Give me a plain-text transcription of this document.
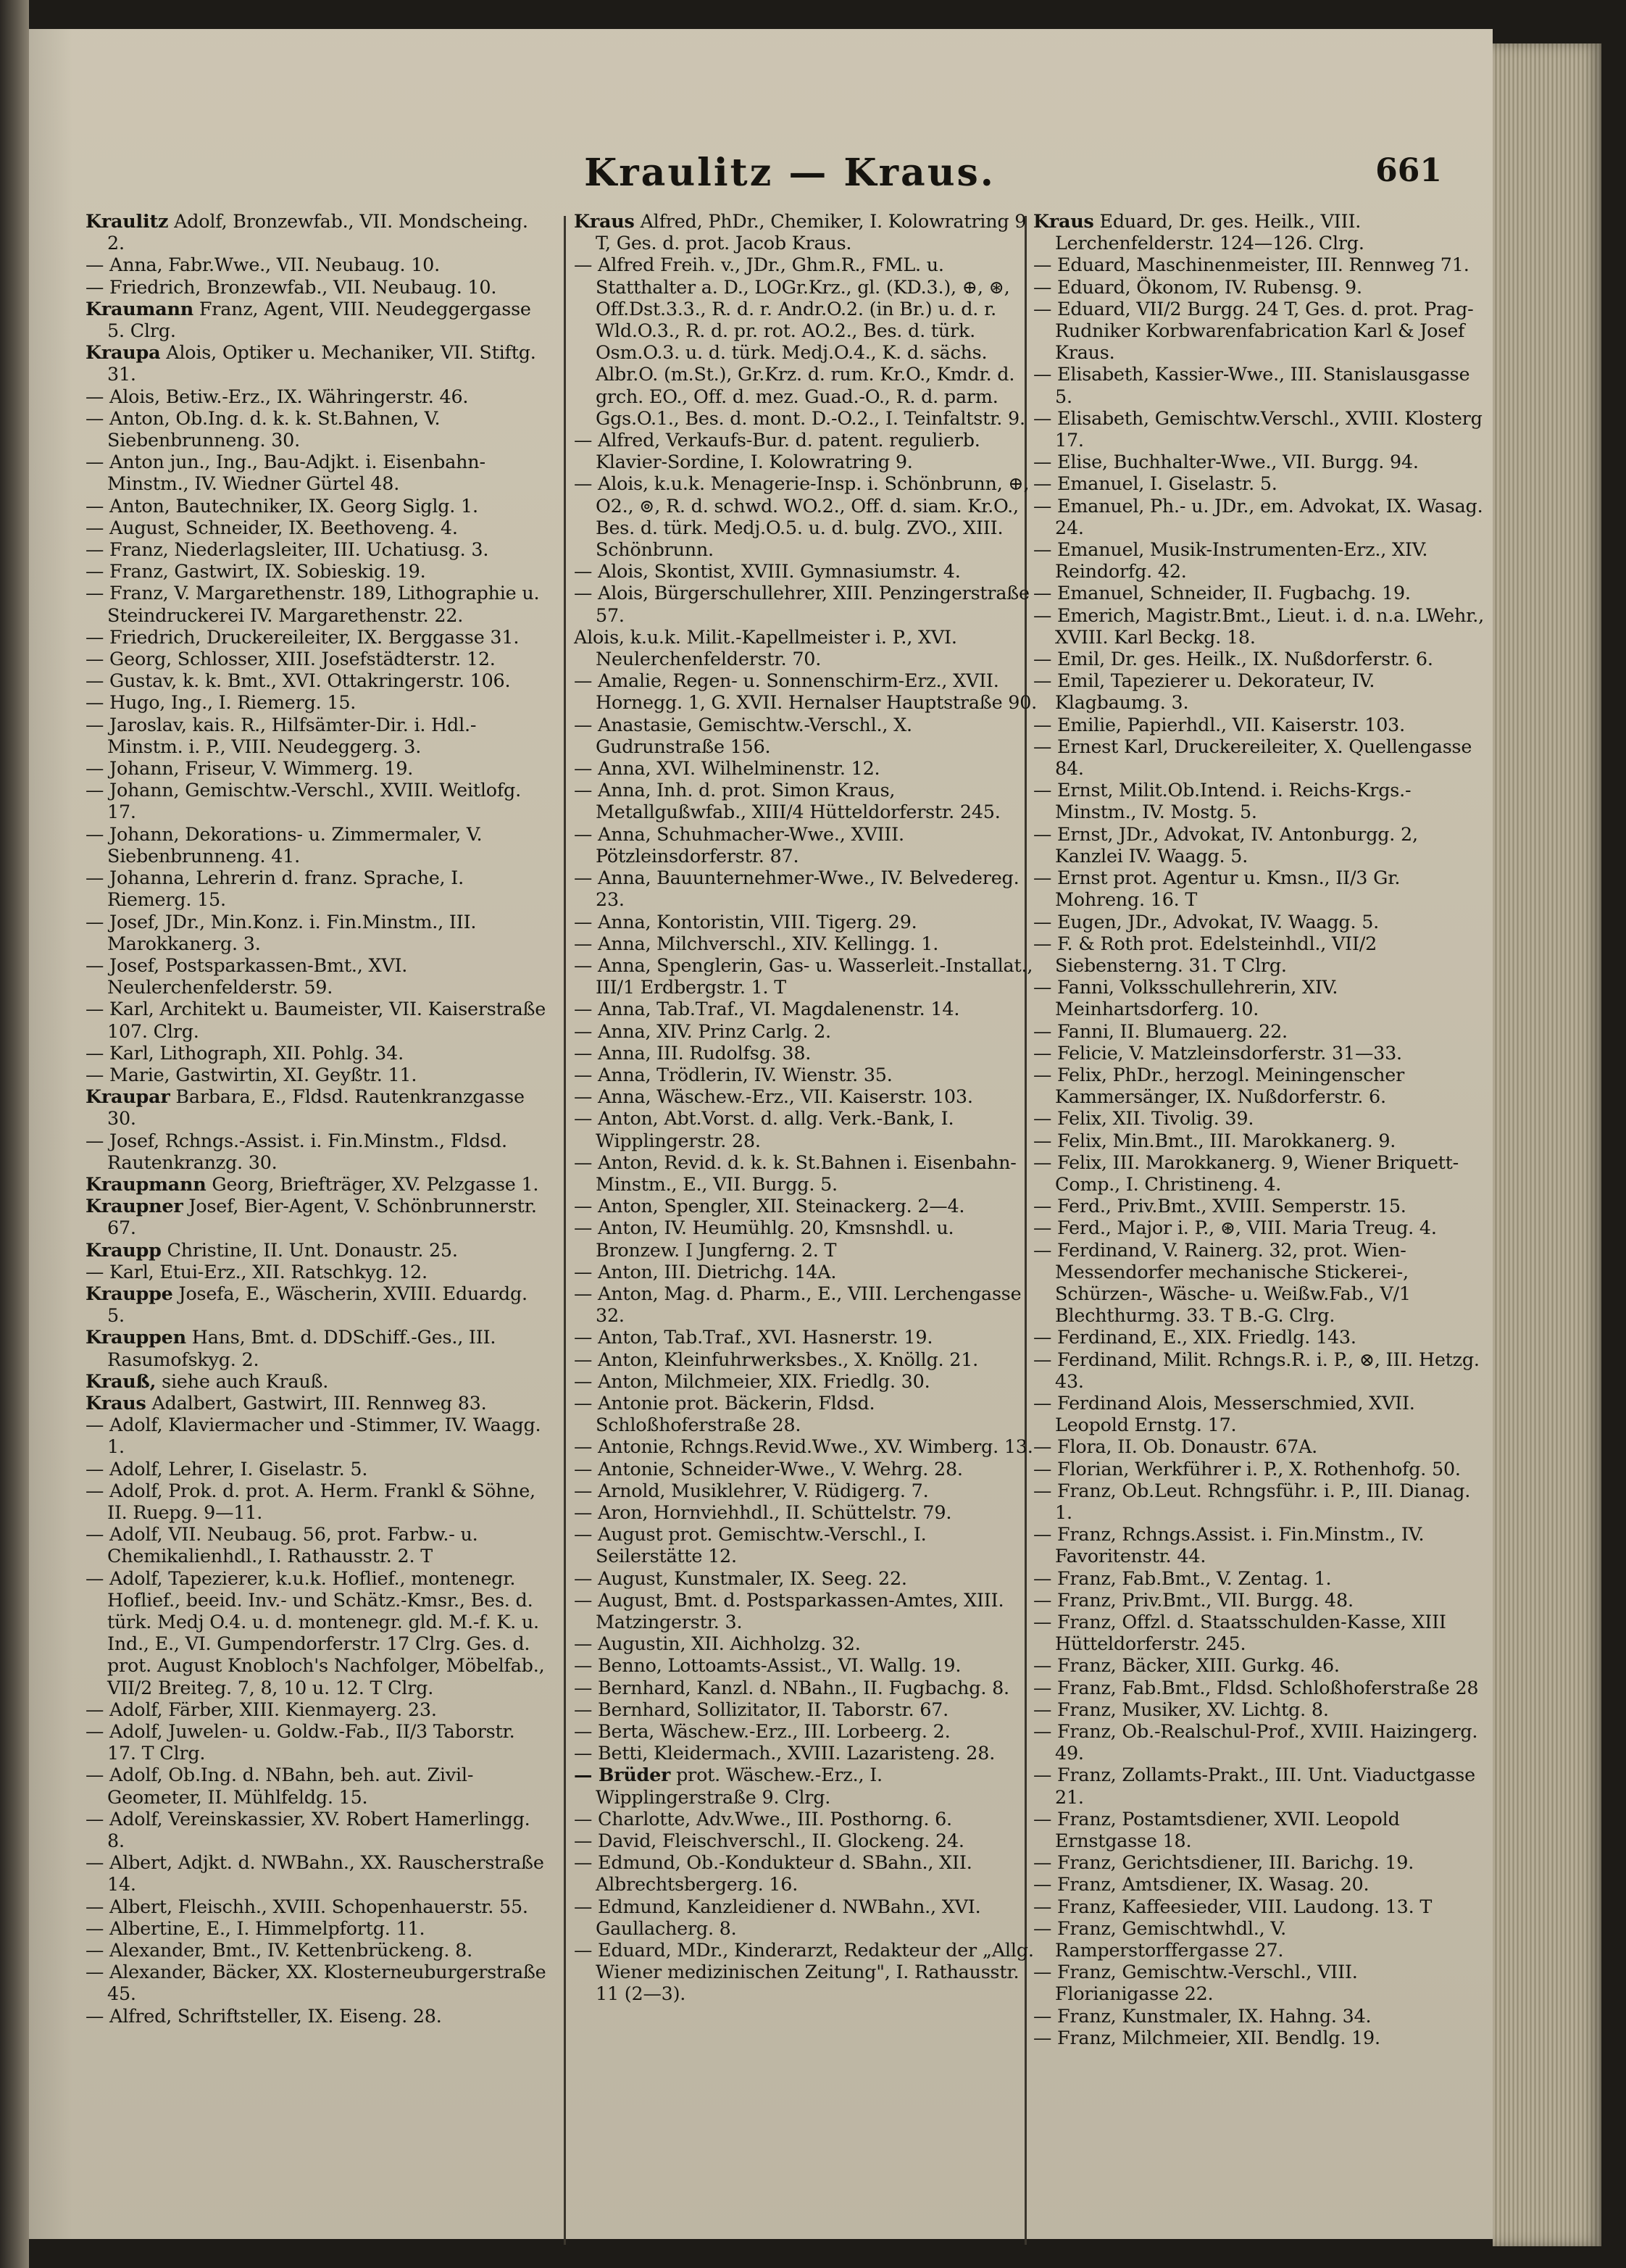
Kraulitz — Kraus.	661
Kraulitz Adolf, Bronzewfab., VII. Mondscheing. 2.
— Anna, Fabr.Wwe., VII. Neubaug. 10.
— Friedrich, Bronzewfab., VII. Neubaug. 10.
Kraumann Franz, Agent, VIII. Neudeggergasse 5. Clrg.
Kraupa Alois, Optiker u. Mechaniker, VII. Stiftg. 31.
— Alois, Betiw.-Erz., IX. Währingerstr. 46.
— Anton, Ob.Ing. d. k. k. St.Bahnen, V. Siebenbrunneng. 30.
— Anton jun., Ing., Bau-Adjkt. i. Eisenbahn-Minstm., IV. Wiedner Gürtel 48.
— Anton, Bautechniker, IX. Georg Siglg. 1.
— August, Schneider, IX. Beethoveng. 4.
— Franz, Niederlagsleiter, III. Uchatiusg. 3.
— Franz, Gastwirt, IX. Sobieskig. 19.
— Franz, V. Margarethenstr. 189, Lithographie u. Steindruckerei IV. Margarethenstr. 22.
— Friedrich, Druckereileiter, IX. Berggasse 31.
— Georg, Schlosser, XIII. Josefstädterstr. 12.
— Gustav, k. k. Bmt., XVI. Ottakringerstr. 106.
— Hugo, Ing., I. Riemerg. 15.
— Jaroslav, kais. R., Hilfsämter-Dir. i. Hdl.-Minstm. i. P., VIII. Neudeggerg. 3.
— Johann, Friseur, V. Wimmerg. 19.
— Johann, Gemischtw.-Verschl., XVIII. Weitlofg. 17.
— Johann, Dekorations- u. Zimmermaler, V. Siebenbrunneng. 41.
— Johanna, Lehrerin d. franz. Sprache, I. Riemerg. 15.
— Josef, JDr., Min.Konz. i. Fin.Minstm., III. Marokkanerg. 3.
— Josef, Postsparkassen-Bmt., XVI. Neulerchenfelderstr. 59.
— Karl, Architekt u. Baumeister, VII. Kaiserstraße 107. Clrg.
— Karl, Lithograph, XII. Pohlg. 34.
— Marie, Gastwirtin, XI. Geyßtr. 11.
Kraupar Barbara, E., Fldsd. Rautenkranzgasse 30.
— Josef, Rchngs.-Assist. i. Fin.Minstm., Fldsd. Rautenkranzg. 30.
Kraupmann Georg, Briefträger, XV. Pelzgasse 1.
Kraupner Josef, Bier-Agent, V. Schönbrunnerstr. 67.
Kraupp Christine, II. Unt. Donaustr. 25.
— Karl, Etui-Erz., XII. Ratschkyg. 12.
Krauppe Josefa, E., Wäscherin, XVIII. Eduardg. 5.
Krauppen Hans, Bmt. d. DDSchiff.-Ges., III. Rasumofskyg. 2.
Krauß, siehe auch Krauß.
Kraus Adalbert, Gastwirt, III. Rennweg 83.
— Adolf, Klaviermacher und -Stimmer, IV. Waagg. 1.
— Adolf, Lehrer, I. Giselastr. 5.
— Adolf, Prok. d. prot. A. Herm. Frankl & Söhne, II. Ruepg. 9—11.
— Adolf, VII. Neubaug. 56, prot. Farbw.- u. Chemikalienhdl., I. Rathausstr. 2. T
— Adolf, Tapezierer, k.u.k. Hoflief., montenegr. Hoflief., beeid. Inv.- und Schätz.-Kmsr., Bes. d. türk. Medj O.4. u. d. montenegr. gld. M.-f. K. u. Ind., E., VI. Gumpendorferstr. 17 Clrg. Ges. d. prot. August Knobloch's Nachfolger, Möbelfab., VII/2 Breiteg. 7, 8, 10 u. 12. T Clrg.
— Adolf, Färber, XIII. Kienmayerg. 23.
— Adolf, Juwelen- u. Goldw.-Fab., II/3 Taborstr. 17. T Clrg.
— Adolf, Ob.Ing. d. NBahn, beh. aut. Zivil-Geometer, II. Mühlfeldg. 15.
— Adolf, Vereinskassier, XV. Robert Hamerlingg. 8.
— Albert, Adjkt. d. NWBahn., XX. Rauscherstraße 14.
— Albert, Fleischh., XVIII. Schopenhauerstr. 55.
— Albertine, E., I. Himmelpfortg. 11.
— Alexander, Bmt., IV. Kettenbrückeng. 8.
— Alexander, Bäcker, XX. Klosterneuburgerstraße 45.
— Alfred, Schriftsteller, IX. Eiseng. 28.
Kraus Alfred, PhDr., Chemiker, I. Kolowratring 9 T, Ges. d. prot. Jacob Kraus.
— Alfred Freih. v., JDr., Ghm.R., FML. u. Statthalter a. D., LOGr.Krz., gl. (KD.3.), ⊕, ⊛, Off.Dst.3.3., R. d. r. Andr.O.2. (in Br.) u. d. r. Wld.O.3., R. d. pr. rot. AO.2., Bes. d. türk. Osm.O.3. u. d. türk. Medj.O.4., K. d. sächs. Albr.O. (m.St.), Gr.Krz. d. rum. Kr.O., Kmdr. d. grch. EO., Off. d. mez. Guad.-O., R. d. parm. Ggs.O.1., Bes. d. mont. D.-O.2., I. Teinfaltstr. 9.
— Alfred, Verkaufs-Bur. d. patent. regulierb. Klavier-Sordine, I. Kolowratring 9.
— Alois, k.u.k. Menagerie-Insp. i. Schönbrunn, ⊕, O2., ⊚, R. d. schwd. WO.2., Off. d. siam. Kr.O., Bes. d. türk. Medj.O.5. u. d. bulg. ZVO., XIII. Schönbrunn.
— Alois, Skontist, XVIII. Gymnasiumstr. 4.
— Alois, Bürgerschullehrer, XIII. Penzingerstraße 57.
Alois, k.u.k. Milit.-Kapellmeister i. P., XVI. Neulerchenfelderstr. 70.
— Amalie, Regen- u. Sonnenschirm-Erz., XVII. Hornegg. 1, G. XVII. Hernalser Hauptstraße 90.
— Anastasie, Gemischtw.-Verschl., X. Gudrunstraße 156.
— Anna, XVI. Wilhelminenstr. 12.
— Anna, Inh. d. prot. Simon Kraus, Metallgußwfab., XIII/4 Hütteldorferstr. 245.
— Anna, Schuhmacher-Wwe., XVIII. Pötzleinsdorferstr. 87.
— Anna, Bauunternehmer-Wwe., IV. Belvedereg. 23.
— Anna, Kontoristin, VIII. Tigerg. 29.
— Anna, Milchverschl., XIV. Kellingg. 1.
— Anna, Spenglerin, Gas- u. Wasserleit.-Installat., III/1 Erdbergstr. 1. T
— Anna, Tab.Traf., VI. Magdalenenstr. 14.
— Anna, XIV. Prinz Carlg. 2.
— Anna, III. Rudolfsg. 38.
— Anna, Trödlerin, IV. Wienstr. 35.
— Anna, Wäschew.-Erz., VII. Kaiserstr. 103.
— Anton, Abt.Vorst. d. allg. Verk.-Bank, I. Wipplingerstr. 28.
— Anton, Revid. d. k. k. St.Bahnen i. Eisenbahn-Minstm., E., VII. Burgg. 5.
— Anton, Spengler, XII. Steinackerg. 2—4.
— Anton, IV. Heumühlg. 20, Kmsnshdl. u. Bronzew. I Jungferng. 2. T
— Anton, III. Dietrichg. 14A.
— Anton, Mag. d. Pharm., E., VIII. Lerchengasse 32.
— Anton, Tab.Traf., XVI. Hasnerstr. 19.
— Anton, Kleinfuhrwerksbes., X. Knöllg. 21.
— Anton, Milchmeier, XIX. Friedlg. 30.
— Antonie prot. Bäckerin, Fldsd. Schloßhoferstraße 28.
— Antonie, Rchngs.Revid.Wwe., XV. Wimberg. 13.
— Antonie, Schneider-Wwe., V. Wehrg. 28.
— Arnold, Musiklehrer, V. Rüdigerg. 7.
— Aron, Hornviehhdl., II. Schüttelstr. 79.
— August prot. Gemischtw.-Verschl., I. Seilerstätte 12.
— August, Kunstmaler, IX. Seeg. 22.
— August, Bmt. d. Postsparkassen-Amtes, XIII. Matzingerstr. 3.
— Augustin, XII. Aichholzg. 32.
— Benno, Lottoamts-Assist., VI. Wallg. 19.
— Bernhard, Kanzl. d. NBahn., II. Fugbachg. 8.
— Bernhard, Sollizitator, II. Taborstr. 67.
— Berta, Wäschew.-Erz., III. Lorbeerg. 2.
— Betti, Kleidermach., XVIII. Lazaristeng. 28.
— Brüder prot. Wäschew.-Erz., I. Wipplingerstraße 9. Clrg.
— Charlotte, Adv.Wwe., III. Posthorng. 6.
— David, Fleischverschl., II. Glockeng. 24.
— Edmund, Ob.-Kondukteur d. SBahn., XII. Albrechtsbergerg. 16.
— Edmund, Kanzleidiener d. NWBahn., XVI. Gaullacherg. 8.
— Eduard, MDr., Kinderarzt, Redakteur der „Allg. Wiener medizinischen Zeitung", I. Rathausstr. 11 (2—3).
Kraus Eduard, Dr. ges. Heilk., VIII. Lerchenfelderstr. 124—126. Clrg.
— Eduard, Maschinenmeister, III. Rennweg 71.
— Eduard, Ökonom, IV. Rubensg. 9.
— Eduard, VII/2 Burgg. 24 T, Ges. d. prot. Prag-Rudniker Korbwarenfabrication Karl & Josef Kraus.
— Elisabeth, Kassier-Wwe., III. Stanislausgasse 5.
— Elisabeth, Gemischtw.Verschl., XVIII. Klosterg 17.
— Elise, Buchhalter-Wwe., VII. Burgg. 94.
— Emanuel, I. Giselastr. 5.
— Emanuel, Ph.- u. JDr., em. Advokat, IX. Wasag. 24.
— Emanuel, Musik-Instrumenten-Erz., XIV. Reindorfg. 42.
— Emanuel, Schneider, II. Fugbachg. 19.
— Emerich, Magistr.Bmt., Lieut. i. d. n.a. LWehr., XVIII. Karl Beckg. 18.
— Emil, Dr. ges. Heilk., IX. Nußdorferstr. 6.
— Emil, Tapezierer u. Dekorateur, IV. Klagbaumg. 3.
— Emilie, Papierhdl., VII. Kaiserstr. 103.
— Ernest Karl, Druckereileiter, X. Quellengasse 84.
— Ernst, Milit.Ob.Intend. i. Reichs-Krgs.-Minstm., IV. Mostg. 5.
— Ernst, JDr., Advokat, IV. Antonburgg. 2, Kanzlei IV. Waagg. 5.
— Ernst prot. Agentur u. Kmsn., II/3 Gr. Mohreng. 16. T
— Eugen, JDr., Advokat, IV. Waagg. 5.
— F. & Roth prot. Edelsteinhdl., VII/2 Siebensterng. 31. T Clrg.
— Fanni, Volksschullehrerin, XIV. Meinhartsdorferg. 10.
— Fanni, II. Blumauerg. 22.
— Felicie, V. Matzleinsdorferstr. 31—33.
— Felix, PhDr., herzogl. Meiningenscher Kammersänger, IX. Nußdorferstr. 6.
— Felix, XII. Tivolig. 39.
— Felix, Min.Bmt., III. Marokkanerg. 9.
— Felix, III. Marokkanerg. 9, Wiener Briquett-Comp., I. Christineng. 4.
— Ferd., Priv.Bmt., XVIII. Semperstr. 15.
— Ferd., Major i. P., ⊛, VIII. Maria Treug. 4.
— Ferdinand, V. Rainerg. 32, prot. Wien-Messendorfer mechanische Stickerei-, Schürzen-, Wäsche- u. Weißw.Fab., V/1 Blechthurmg. 33. T B.-G. Clrg.
— Ferdinand, E., XIX. Friedlg. 143.
— Ferdinand, Milit. Rchngs.R. i. P., ⊗, III. Hetzg. 43.
— Ferdinand Alois, Messerschmied, XVII. Leopold Ernstg. 17.
— Flora, II. Ob. Donaustr. 67A.
— Florian, Werkführer i. P., X. Rothenhofg. 50.
— Franz, Ob.Leut. Rchngsführ. i. P., III. Dianag. 1.
— Franz, Rchngs.Assist. i. Fin.Minstm., IV. Favoritenstr. 44.
— Franz, Fab.Bmt., V. Zentag. 1.
— Franz, Priv.Bmt., VII. Burgg. 48.
— Franz, Offzl. d. Staatsschulden-Kasse, XIII Hütteldorferstr. 245.
— Franz, Bäcker, XIII. Gurkg. 46.
— Franz, Fab.Bmt., Fldsd. Schloßhoferstraße 28
— Franz, Musiker, XV. Lichtg. 8.
— Franz, Ob.-Realschul-Prof., XVIII. Haizingerg. 49.
— Franz, Zollamts-Prakt., III. Unt. Viaductgasse 21.
— Franz, Postamtsdiener, XVII. Leopold Ernstgasse 18.
— Franz, Gerichtsdiener, III. Barichg. 19.
— Franz, Amtsdiener, IX. Wasag. 20.
— Franz, Kaffeesieder, VIII. Laudong. 13. T
— Franz, Gemischtwhdl., V. Ramperstorffergasse 27.
— Franz, Gemischtw.-Verschl., VIII. Florianigasse 22.
— Franz, Kunstmaler, IX. Hahng. 34.
— Franz, Milchmeier, XII. Bendlg. 19.
